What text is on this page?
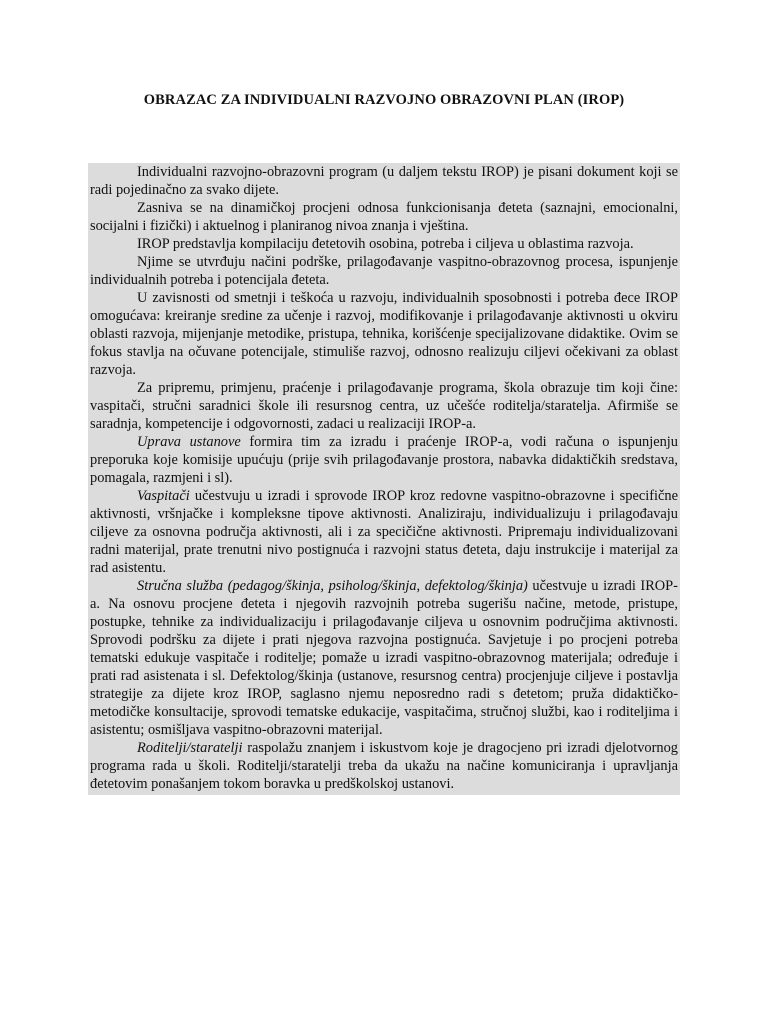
OBRAZAC ZA INDIVIDUALNI RAZVOJNO OBRAZOVNI PLAN (IROP)

Individualni razvojno-obrazovni program (u daljem tekstu IROP) je pisani dokument koji se radi pojedinačno za svako dijete.

Zasniva se na dinamičkoj procjeni odnosa funkcionisanja đeteta (saznajni, emocionalni, socijalni i fizički) i aktuelnog i planiranog nivoa znanja i vještina.

IROP predstavlja kompilaciju đetetovih osobina, potreba i ciljeva u oblastima razvoja.

Njime se utvrđuju načini podrške, prilagođavanje vaspitno-obrazovnog procesa, ispunjenje individualnih potreba i potencijala đeteta.

U zavisnosti od smetnji i teškoća u razvoju, individualnih sposobnosti i potreba đece IROP omogućava: kreiranje sredine za učenje i razvoj, modifikovanje i prilagođavanje aktivnosti u okviru oblasti razvoja, mijenjanje metodike, pristupa, tehnika, korišćenje specijalizovane didaktike. Ovim se fokus stavlja na očuvane potencijale, stimuliše razvoj, odnosno realizuju ciljevi očekivani za oblast razvoja.

Za pripremu, primjenu, praćenje i prilagođavanje programa, škola obrazuje tim koji čine: vaspitači, stručni saradnici škole ili resursnog centra, uz učešće roditelja/staratelja. Afirmiše se saradnja, kompetencije i odgovornosti, zadaci u realizaciji IROP-a.

Uprava ustanove formira tim za izradu i praćenje IROP-a, vodi računa o ispunjenju preporuka koje komisije upućuju (prije svih prilagođavanje prostora, nabavka didaktičkih sredstava, pomagala, razmjeni i sl).

Vaspitači učestvuju u izradi i sprovode IROP kroz redovne vaspitno-obrazovne i specifične aktivnosti, vršnjačke i kompleksne tipove aktivnosti. Analiziraju, individualizuju i prilagođavaju ciljeve za osnovna područja aktivnosti, ali i za specičične aktivnosti. Pripremaju individualizovani radni materijal, prate trenutni nivo postignuća i razvojni status đeteta, daju instrukcije i materijal za rad asistentu.

Stručna služba (pedagog/škinja, psiholog/škinja, defektolog/škinja) učestvuje u izradi IROP-a. Na osnovu procjene đeteta i njegovih razvojnih potreba sugerišu načine, metode, pristupe, postupke, tehnike za individualizaciju i prilagođavanje ciljeva u osnovnim područjima aktivnosti. Sprovodi podršku za dijete i prati njegova razvojna postignuća. Savjetuje i po procjeni potreba tematski edukuje vaspitače i roditelje; pomaže u izradi vaspitno-obrazovnog materijala; određuje i prati rad asistenata i sl. Defektolog/škinja (ustanove, resursnog centra) procjenjuje ciljeve i postavlja strategije za dijete kroz IROP, saglasno njemu neposredno radi s đetetom; pruža didaktičko-metodičke konsultacije, sprovodi tematske edukacije, vaspitačima, stručnoj službi, kao i roditeljima i asistentu; osmišljava vaspitno-obrazovni materijal.

Roditelji/staratelji raspolažu znanjem i iskustvom koje je dragocjeno pri izradi djelotvornog programa rada u školi. Roditelji/staratelji treba da ukažu na načine komuniciranja i upravljanja đetetovim ponašanjem tokom boravka u predškolskoj ustanovi.
